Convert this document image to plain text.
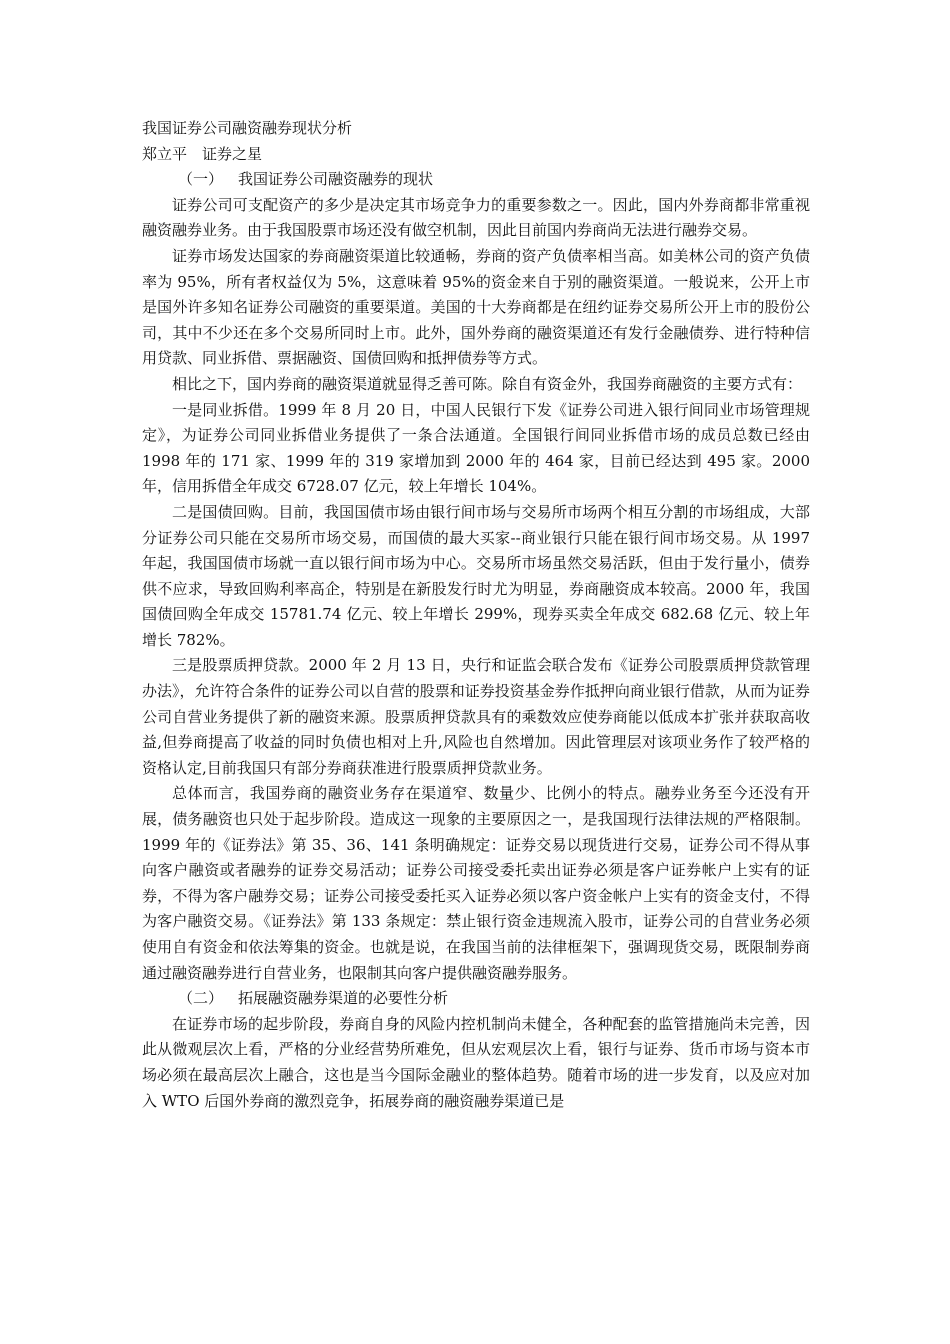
我国证券公司融资融券现状分析
郑立平　证券之星
（一） 我国证券公司融资融券的现状

证券公司可支配资产的多少是决定其市场竞争力的重要参数之一。因此，国内外券商都非常重视融资融券业务。由于我国股票市场还没有做空机制，因此目前国内券商尚无法进行融券交易。

证券市场发达国家的券商融资渠道比较通畅，券商的资产负债率相当高。如美林公司的资产负债率为 95%，所有者权益仅为 5%，这意味着 95%的资金来自于别的融资渠道。一般说来，公开上市是国外许多知名证券公司融资的重要渠道。美国的十大券商都是在纽约证券交易所公开上市的股份公司，其中不少还在多个交易所同时上市。此外，国外券商的融资渠道还有发行金融债券、进行特种信用贷款、同业拆借、票据融资、国债回购和抵押债券等方式。

相比之下，国内券商的融资渠道就显得乏善可陈。除自有资金外，我国券商融资的主要方式有：

一是同业拆借。1999 年 8 月 20 日，中国人民银行下发《证券公司进入银行间同业市场管理规定》，为证券公司同业拆借业务提供了一条合法通道。全国银行间同业拆借市场的成员总数已经由 1998 年的 171 家、1999 年的 319 家增加到 2000 年的 464 家，目前已经达到 495 家。2000 年，信用拆借全年成交 6728.07 亿元，较上年增长 104%。

二是国债回购。目前，我国国债市场由银行间市场与交易所市场两个相互分割的市场组成，大部分证券公司只能在交易所市场交易，而国债的最大买家--商业银行只能在银行间市场交易。从 1997 年起，我国国债市场就一直以银行间市场为中心。交易所市场虽然交易活跃，但由于发行量小，债券供不应求，导致回购利率高企，特别是在新股发行时尤为明显，券商融资成本较高。2000 年，我国国债回购全年成交 15781.74 亿元、较上年增长 299%，现券买卖全年成交 682.68 亿元、较上年增长 782%。

三是股票质押贷款。2000 年 2 月 13 日，央行和证监会联合发布《证券公司股票质押贷款管理办法》，允许符合条件的证券公司以自营的股票和证券投资基金券作抵押向商业银行借款，从而为证券公司自营业务提供了新的融资来源。股票质押贷款具有的乘数效应使券商能以低成本扩张并获取高收益,但券商提高了收益的同时负债也相对上升,风险也自然增加。因此管理层对该项业务作了较严格的资格认定,目前我国只有部分券商获准进行股票质押贷款业务。

总体而言，我国券商的融资业务存在渠道窄、数量少、比例小的特点。融券业务至今还没有开展，债务融资也只处于起步阶段。造成这一现象的主要原因之一，是我国现行法律法规的严格限制。1999 年的《证券法》第 35、36、141 条明确规定：证券交易以现货进行交易，证券公司不得从事向客户融资或者融券的证券交易活动；证券公司接受委托卖出证券必须是客户证券帐户上实有的证券，不得为客户融券交易；证券公司接受委托买入证券必须以客户资金帐户上实有的资金支付，不得为客户融资交易。《证券法》第 133 条规定：禁止银行资金违规流入股市，证券公司的自营业务必须使用自有资金和依法筹集的资金。也就是说，在我国当前的法律框架下，强调现货交易，既限制券商通过融资融券进行自营业务，也限制其向客户提供融资融券服务。

（二） 拓展融资融券渠道的必要性分析

在证券市场的起步阶段，券商自身的风险内控机制尚未健全，各种配套的监管措施尚未完善，因此从微观层次上看，严格的分业经营势所难免，但从宏观层次上看，银行与证券、货币市场与资本市场必须在最高层次上融合，这也是当今国际金融业的整体趋势。随着市场的进一步发育，以及应对加入 WTO 后国外券商的激烈竞争，拓展券商的融资融券渠道已是
